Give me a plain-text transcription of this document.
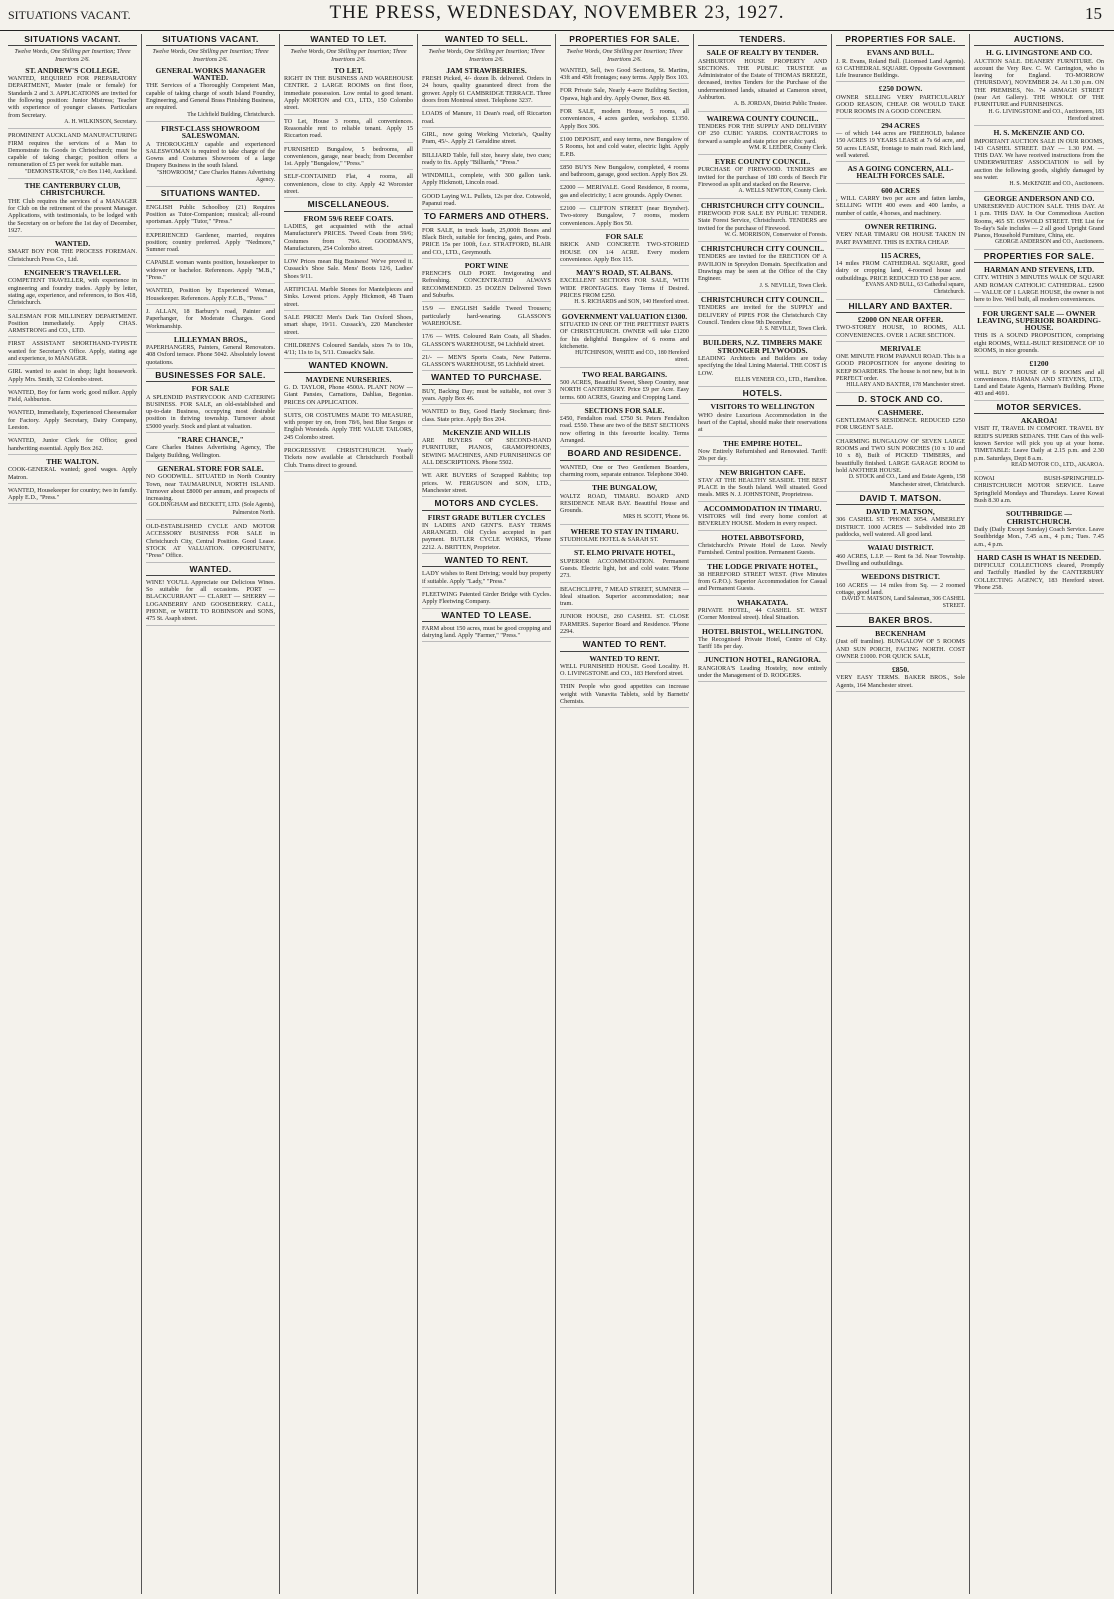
SITUATIONS VACANT.	THE PRESS, WEDNESDAY, NOVEMBER 23, 1927.	15
SITUATIONS VACANT.
Twelve Words, One Shilling per Insertion; Three Insertions 2/6.
ST. ANDREW'S COLLEGE.
WANTED, REQUIRED FOR PREPARATORY DEPARTMENT, Master (male or female) for Standards 2 and 3. APPLICATIONS are invited for the following position: Junior Mistress; Teacher with experience of younger classes. Particulars from Secretary.
A. H. WILKINSON, Secretary.
PROMINENT AUCKLAND MANUFACTURING FIRM requires the services of a Man to Demonstrate its Goods in Christchurch; must be capable of taking charge; position offers a remuneration of £5 per week for suitable man.
"DEMONSTRATOR," c/o Box 1140, Auckland.
THE CANTERBURY CLUB, CHRISTCHURCH.
THE Club requires the services of a MANAGER for Club on the retirement of the present Manager. Applications, with testimonials, to be lodged with the Secretary on or before the 1st day of December, 1927.
WANTED.
SMART BOY FOR THE PROCESS FOREMAN. Christchurch Press Co., Ltd.
ENGINEER'S TRAVELLER.
COMPETENT TRAVELLER, with experience in engineering and foundry trades. Apply by letter, stating age, experience, and references, to Box 418, Christchurch.
SALESMAN FOR MILLINERY DEPARTMENT. Position immediately. Apply CHAS. ARMSTRONG and CO., LTD.
FIRST ASSISTANT SHORTHAND-TYPISTE wanted for Secretary's Office. Apply, stating age and experience, to MANAGER.
GIRL wanted to assist in shop; light housework. Apply Mrs. Smith, 32 Colombo street.
WANTED, Boy for farm work; good milker. Apply Field, Ashburton.
WANTED, Immediately, Experienced Cheesemaker for Factory. Apply Secretary, Dairy Company, Leeston.
WANTED, Junior Clerk for Office; good handwriting essential. Apply Box 262.
THE WALTON.
COOK-GENERAL wanted; good wages. Apply Matron.
WANTED, Housekeeper for country; two in family. Apply E.D., "Press."
SITUATIONS VACANT.
Twelve Words, One Shilling per Insertion; Three Insertions 2/6.
GENERAL WORKS MANAGER WANTED.
THE Services of a Thoroughly Competent Man, capable of taking charge of south Island Foundry, Engineering, and General Brass Finishing Business, are required.
The Lichfield Building, Christchurch.
FIRST-CLASS SHOWROOM SALESWOMAN.
A THOROUGHLY capable and experienced SALESWOMAN is required to take charge of the Gowns and Costumes Showroom of a large Drapery Business in the south Island.
"SHOWROOM," Care Charles Haines Advertising Agency.
SITUATIONS WANTED.
ENGLISH Public Schoolboy (21) Requires Position as Tutor-Companion; musical; all-round sportsman. Apply "Tutor," "Press."
EXPERIENCED Gardener, married, requires position; country preferred. Apply "Nedmore," Sumner road.
CAPABLE woman wants position, housekeeper to widower or bachelor. References. Apply "M.B.," "Press."
WANTED, Position by Experienced Woman, Housekeeper. References. Apply F.C.B., "Press."
J. ALLAN, 18 Barbury's road, Painter and Paperhanger, for Moderate Charges. Good Workmanship.
LILLEYMAN BROS.,
PAPERHANGERS, Painters, General Renovators. 408 Oxford terrace. Phone 5042. Absolutely lowest quotations.
BUSINESSES FOR SALE.
FOR SALE
A SPLENDID PASTRYCOOK AND CATERING BUSINESS. FOR SALE, an old-established and up-to-date Business, occupying most desirable position in thriving township. Turnover about £5000 yearly. Stock and plant at valuation.
"RARE CHANCE,"
Care Charles Haines Advertising Agency, The Dalgety Building, Wellington.
GENERAL STORE FOR SALE.
NO GOODWILL. SITUATED in North Country Town, near TAUMARUNUI, NORTH ISLAND. Turnover about £8000 per annum, and prospects of increasing.
GOLDINGHAM and BECKETT, LTD. (Sole Agents), Palmerston North.
OLD-ESTABLISHED CYCLE AND MOTOR ACCESSORY BUSINESS FOR SALE in Christchurch City, Central Position. Good Lease. STOCK AT VALUATION. OPPORTUNITY, "Press" Office.
WANTED.
WINE! YOU'LL Appreciate our Delicious Wines. So suitable for all occasions. PORT — BLACKCURRANT — CLARET — SHERRY — LOGANBERRY AND GOOSEBERRY. CALL, PHONE, or WRITE TO ROBINSON and SONS, 475 St. Asaph street.
WANTED TO LET.
Twelve Words, One Shilling per Insertion; Three Insertions 2/6.
TO LET.
RIGHT IN THE BUSINESS AND WAREHOUSE CENTRE. 2 LARGE ROOMS on first floor, immediate possession. Low rental to good tenant. Apply MORTON and CO., LTD., 150 Colombo street.
TO Let, House 3 rooms, all conveniences. Reasonable rent to reliable tenant. Apply 15 Riccarton road.
FURNISHED Bungalow, 5 bedrooms, all conveniences, garage, near beach; from December 1st. Apply "Bungalow," "Press."
SELF-CONTAINED Flat, 4 rooms, all conveniences, close to city. Apply 42 Worcester street.
MISCELLANEOUS.
FROM 59/6 REEF COATS.
LADIES, get acquainted with the actual Manufacturer's PRICES. Tweed Coats from 59/6; Costumes from 79/6. GOODMAN'S, Manufacturers, 254 Colombo street.
LOW Prices mean Big Business! We've proved it. Cussack's Shoe Sale. Mens' Boots 12/6, Ladies' Shoes 9/11.
ARTIFICIAL Marble Stones for Mantelpieces and Sinks. Lowest prices. Apply Hickmott, 48 Tuam street.
SALE PRICE! Men's Dark Tan Oxford Shoes, smart shape, 19/11. Cussack's, 220 Manchester street.
CHILDREN'S Coloured Sandals, sizes 7s to 10s, 4/11; 11s to 1s, 5/11. Cussack's Sale.
WANTED KNOWN.
MAYDENE NURSERIES.
G. D. TAYLOR, Phone 4500A. PLANT NOW — Giant Pansies, Carnations, Dahlias, Begonias. PRICES ON APPLICATION.
SUITS, OR COSTUMES MADE TO MEASURE, with proper try on, from 78/6, best Blue Serges or English Worsteds. Apply THE VALUE TAILORS, 245 Colombo street.
PROGRESSIVE CHRISTCHURCH. Yearly Tickets now available at Christchurch Football Club. Trams direct to ground.
WANTED TO SELL.
Twelve Words, One Shilling per Insertion; Three Insertions 2/6.
JAM STRAWBERRIES.
FRESH Picked, 4/- dozen lb. delivered. Orders in 24 hours, quality guaranteed direct from the grower. Apply 61 CAMBRIDGE TERRACE. Three doors from Montreal street. Telephone 3237.
LOADS of Manure, 11 Dean's road, off Riccarton road.
GIRL, now going Working Victoria's, Quality Pram, 45/-. Apply 21 Geraldine street.
BILLIARD Table, full size, heavy slate, two cues; ready to fix. Apply "Billiards," "Press."
WINDMILL, complete, with 300 gallon tank. Apply Hickmott, Lincoln road.
GOOD Laying W.L. Pullets, 12s per doz. Cotswold, Papanui road.
TO FARMERS AND OTHERS.
FOR SALE, in truck loads, 25,000ft Boxes and Black Birch, suitable for fencing, gates, and Posts. PRICE 15s per 100ft, f.o.r. STRATFORD, BLAIR and CO., LTD., Greymouth.
PORT WINE
FRENCH'S OLD PORT. Invigorating and Refreshing. CONCENTRATED ALWAYS RECOMMENDED. 25 DOZEN Delivered Town and Suburbs.
15/9 — ENGLISH Saddle Tweed Trousers; particularly hard-wearing. GLASSON'S WAREHOUSE.
17/6 — WHS. Coloured Rain Coats, all Shades. GLASSON'S WAREHOUSE, 94 Lichfield street.
21/- — MEN'S Sports Coats, New Patterns. GLASSON'S WAREHOUSE, 95 Lichfield street.
WANTED TO PURCHASE.
BUY, Backing Day; must be suitable, not over 3 years. Apply Box 46.
WANTED to Buy, Good Hardy Stockman; first-class. State price. Apply Box 204.
McKENZIE AND WILLIS
ARE BUYERS OF SECOND-HAND FURNITURE, PIANOS, GRAMOPHONES, SEWING MACHINES, AND FURNISHINGS OF ALL DESCRIPTIONS. Phone 5502.
WE ARE BUYERS of Scrapped Rabbits; top prices. W. FERGUSON and SON, LTD., Manchester street.
MOTORS AND CYCLES.
FIRST GRADE BUTLER CYCLES
IN LADIES AND GENT'S. EASY TERMS ARRANGED. Old Cycles accepted in part payment. BUTLER CYCLE WORKS, 'Phone 2212. A. BRITTEN, Proprietor.
WANTED TO RENT.
LADY wishes to Rent Driving; would buy property if suitable. Apply "Lady," "Press."
FLEETWING Patented Girder Bridge with Cycles. Apply Fleetwing Company.
WANTED TO LEASE.
FARM about 150 acres, must be good cropping and dairying land. Apply "Farmer," "Press."
PROPERTIES FOR SALE.
Twelve Words, One Shilling per Insertion; Three Insertions 2/6.
WANTED, Sell, two Good Sections, St. Martins, 43ft and 45ft frontages; easy terms. Apply Box 103.
FOR Private Sale, Nearly 4-acre Building Section, Opawa, high and dry. Apply Owner, Box 48.
FOR SALE, modern House, 5 rooms, all conveniences, 4 acres garden, workshop. £1350. Apply Box 306.
£100 DEPOSIT, and easy terms, new Bungalow of 5 Rooms, hot and cold water, electric light. Apply E.P.B.
£850 BUYS New Bungalow, completed, 4 rooms and bathroom, garage, good section. Apply Box 29.
£2000 — MERIVALE. Good Residence, 8 rooms, gas and electricity; 1 acre grounds. Apply Owner.
£2100 — CLIFTON STREET (near Bryndwr). Two-storey Bungalow, 7 rooms, modern conveniences. Apply Box 50.
FOR SALE
BRICK AND CONCRETE TWO-STORIED HOUSE ON 1/4 ACRE. Every modern convenience. Apply Box 115.
MAY'S ROAD, ST. ALBANS.
EXCELLENT SECTIONS FOR SALE, WITH WIDE FRONTAGES. Easy Terms if Desired. PRICES FROM £250.
H. S. RICHARDS and SON, 140 Hereford street.
GOVERNMENT VALUATION £1300.
SITUATED IN ONE OF THE PRETTIEST PARTS OF CHRISTCHURCH. OWNER will take £1200 for his delightful Bungalow of 6 rooms and kitchenette.
HUTCHINSON, WHITE and CO., 180 Hereford street.
TWO REAL BARGAINS.
500 ACRES, Beautiful Sweet, Sheep Country, near NORTH CANTERBURY. Price £9 per Acre. Easy terms. 600 ACRES, Grazing and Cropping Land.
SECTIONS FOR SALE.
£450, Fendalton road. £750 St. Peters Fendalton road. £550. These are two of the BEST SECTIONS now offering in this favourite locality. Terms Arranged.
BOARD AND RESIDENCE.
WANTED, One or Two Gentlemen Boarders, charming room, separate entrance. Telephone 3040.
THE BUNGALOW,
WALTZ ROAD, TIMARU. BOARD AND RESIDENCE NEAR BAY. Beautiful House and Grounds.
MRS H. SCOTT, 'Phone 96.
WHERE TO STAY IN TIMARU.
STUDHOLME HOTEL & SARAH ST.
ST. ELMO PRIVATE HOTEL,
SUPERIOR ACCOMMODATION. Permanent Guests. Electric light, hot and cold water. 'Phone 273.
BEACHCLIFFE, 7 MEAD STREET, SUMNER — Ideal situation. Superior accommodation; near tram.
JUNIOR HOUSE, 260 CASHEL ST. CLOSE FARMERS. Superior Board and Residence. 'Phone 2294.
WANTED TO RENT.
WANTED TO RENT.
WELL FURNISHED HOUSE. Good Locality. H. O. LIVINGSTONE and CO., 183 Hereford street.
THIN People who good appetites can increase weight with Vanavita Tablets, sold by Barnetts' Chemists.
TENDERS.
SALE OF REALTY BY TENDER.
ASHBURTON HOUSE PROPERTY AND SECTIONS. THE PUBLIC TRUSTEE as Administrator of the Estate of THOMAS BREEZE, deceased, invites Tenders for the Purchase of the undermentioned lands, situated at Cameron street, Ashburton.
A. B. JORDAN, District Public Trustee.
WAIREWA COUNTY COUNCIL.
TENDERS FOR THE SUPPLY AND DELIVERY OF 250 CUBIC YARDS. CONTRACTORS to forward a sample and state price per cubic yard.
WM. R. LEEDER, County Clerk.
EYRE COUNTY COUNCIL.
PURCHASE OF FIREWOOD. TENDERS are invited for the purchase of 180 cords of Beech Fir Firewood as split and stacked on the Reserve.
A. WELLS NEWTON, County Clerk.
CHRISTCHURCH CITY COUNCIL.
FIREWOOD FOR SALE BY PUBLIC TENDER. State Forest Service, Christchurch. TENDERS are invited for the purchase of Firewood.
W. G. MORRISON, Conservator of Forests.
CHRISTCHURCH CITY COUNCIL.
TENDERS are invited for the ERECTION OF A PAVILION in Spreydon Domain. Specification and Drawings may be seen at the Office of the City Engineer.
J. S. NEVILLE, Town Clerk.
CHRISTCHURCH CITY COUNCIL.
TENDERS are invited for the SUPPLY and DELIVERY of PIPES FOR the Christchurch City Council. Tenders close 9th December.
J. S. NEVILLE, Town Clerk.
BUILDERS, N.Z. TIMBERS MAKE STRONGER PLYWOODS.
LEADING Architects and Builders are today specifying the Ideal Lining Material. THE COST IS LOW.
ELLIS VENEER CO., LTD., Hamilton.
HOTELS.
VISITORS TO WELLINGTON
WHO desire Luxurious Accommodation in the heart of the Capital, should make their reservations at
THE EMPIRE HOTEL.
Now Entirely Refurnished and Renovated. Tariff: 20s per day.
NEW BRIGHTON CAFE.
STAY AT THE HEALTHY SEASIDE. THE BEST PLACE in the South Island. Well situated. Good meals. MRS N. J. JOHNSTONE, Proprietress.
ACCOMMODATION IN TIMARU.
VISITORS will find every home comfort at BEVERLEY HOUSE. Modern in every respect.
HOTEL ABBOTSFORD,
Christchurch's Private Hotel de Luxe. Newly Furnished. Central position. Permanent Guests.
THE LODGE PRIVATE HOTEL,
38 HEREFORD STREET WEST. (Five Minutes from G.P.O.). Superior Accommodation for Casual and Permanent Guests.
WHAKATATA.
PRIVATE HOTEL, 44 CASHEL ST. WEST (Corner Montreal street). Ideal Situation.
HOTEL BRISTOL, WELLINGTON.
The Recognised Private Hotel, Centre of City. Tariff 18s per day.
JUNCTION HOTEL, RANGIORA.
RANGIORA'S Leading Hostelry, now entirely under the Management of D. RODGERS.
PROPERTIES FOR SALE.
EVANS AND BULL.
J. R. Evans, Roland Bull. (Licensed Land Agents). 63 CATHEDRAL SQUARE. Opposite Government Life Insurance Buildings.
£250 DOWN.
OWNER SELLING VERY PARTICULARLY GOOD REASON, CHEAP. OR WOULD TAKE FOUR ROOMS IN A GOOD CONCERN.
294 ACRES
— of which 144 acres are FREEHOLD, balance 150 ACRES 19 YEARS LEASE at 7s 6d acre, and 50 acres LEASE, frontage to main road. Rich land, well watered.
AS A GOING CONCERN, ALL-HEALTH FORCES SALE.
600 ACRES
, WILL CARRY two per acre and fatten lambs, SELLING WITH 400 ewes and 400 lambs, a number of cattle, 4 horses, and machinery.
OWNER RETIRING.
VERY NEAR TIMARU OR HOUSE TAKEN IN PART PAYMENT. THIS IS EXTRA CHEAP.
115 ACRES,
14 miles FROM CATHEDRAL SQUARE, good dairy or cropping land, 4-roomed house and outbuildings. PRICE REDUCED TO £38 per acre.
EVANS AND BULL, 63 Cathedral square, Christchurch.
HILLARY AND BAXTER.
£2000 ON NEAR OFFER.
TWO-STOREY HOUSE, 10 ROOMS, ALL CONVENIENCES. OVER 1 ACRE SECTION.
MERIVALE
ONE MINUTE FROM PAPANUI ROAD. This is a GOOD PROPOSITION for anyone desiring to KEEP BOARDERS. The house is not new, but is in PERFECT order.
HILLARY AND BAXTER, 178 Manchester street.
D. STOCK AND CO.
CASHMERE.
GENTLEMAN'S RESIDENCE. REDUCED £250 FOR URGENT SALE.
CHARMING BUNGALOW OF SEVEN LARGE ROOMS and TWO SUN PORCHES (10 x 10 and 10 x 8), Built of PICKED TIMBERS, and beautifully finished. LARGE GARAGE ROOM to hold ANOTHER HOUSE.
D. STOCK and CO., Land and Estate Agents, 158 Manchester street, Christchurch.
DAVID T. MATSON.
DAVID T. MATSON,
306 CASHEL ST. 'PHONE 3054. AMBERLEY DISTRICT. 1000 ACRES — Subdivided into 28 paddocks, well watered. All good land.
WAIAU DISTRICT.
460 ACRES, L.I.P. — Rent 6s 3d. Near Township. Dwelling and outbuildings.
WEEDONS DISTRICT.
160 ACRES — 14 miles from Sq. — 2 roomed cottage, good land.
DAVID T. MATSON, Land Salesman, 306 CASHEL STREET.
BAKER BROS.
BECKENHAM
(Just off tramline). BUNGALOW OF 5 ROOMS AND SUN PORCH, FACING NORTH. COST OWNER £1000. FOR QUICK SALE,
£850.
VERY EASY TERMS. BAKER BROS., Sole Agents, 164 Manchester street.
AUCTIONS.
H. G. LIVINGSTONE AND CO.
AUCTION SALE. DEANERY FURNITURE. On account the Very Rev. C. W. Carrington, who is leaving for England. TO-MORROW (THURSDAY), NOVEMBER 24. At 1.30 p.m. ON THE PREMISES, No. 74 ARMAGH STREET (near Art Gallery). THE WHOLE OF THE FURNITURE and FURNISHINGS.
H. G. LIVINGSTONE and CO., Auctioneers, 183 Hereford street.
H. S. McKENZIE AND CO.
IMPORTANT AUCTION SALE IN OUR ROOMS, 143 CASHEL STREET. DAY — 1.30 P.M. — THIS DAY. We have received instructions from the UNDERWRITERS' ASSOCIATION to sell by auction the following goods, slightly damaged by sea water.
H. S. McKENZIE and CO., Auctioneers.
GEORGE ANDERSON AND CO.
UNRESERVED AUCTION SALE. THIS DAY. At 1 p.m. THIS DAY. In Our Commodious Auction Rooms, 465 ST. OSWOLD STREET. THE List for To-day's Sale includes — 2 all good Upright Grand Pianos, Household Furniture, China, etc.
GEORGE ANDERSON and CO., Auctioneers.
PROPERTIES FOR SALE.
HARMAN AND STEVENS, LTD.
CITY. WITHIN 3 MINUTES WALK OF SQUARE AND ROMAN CATHOLIC CATHEDRAL. £2900 — VALUE OF 1 LARGE HOUSE, the owner is not here to live. Well built, all modern conveniences.
FOR URGENT SALE — OWNER LEAVING, SUPERIOR BOARDING-HOUSE.
THIS IS A SOUND PROPOSITION, comprising eight ROOMS, WELL-BUILT RESIDENCE OF 10 ROOMS, in nice grounds.
£1200
WILL BUY 7 HOUSE OF 6 ROOMS and all conveniences. HARMAN AND STEVENS, LTD., Land and Estate Agents, Harman's Building. Phone 403 and 4691.
MOTOR SERVICES.
AKAROA!
VISIT IT, TRAVEL IN COMFORT. TRAVEL BY REID'S SUPERB SEDANS. THE Cars of this well-known Service will pick you up at your home. TIMETABLE: Leave Daily at 2.15 p.m. and 2.30 p.m. Saturdays, Dept 8 a.m.
READ MOTOR CO., LTD., AKAROA.
KOWAI BUSH-SPRINGFIELD-CHRISTCHURCH MOTOR SERVICE. Leave Springfield Mondays and Thursdays. Leave Kowai Bush 8.30 a.m.
SOUTHBRIDGE — CHRISTCHURCH.
Daily (Daily Except Sunday) Coach Service. Leave Southbridge Mon., 7.45 a.m., 4 p.m.; Tues. 7.45 a.m., 4 p.m.
HARD CASH IS WHAT IS NEEDED.
DIFFICULT COLLECTIONS cleared, Promptly and Tactfully Handled by the CANTERBURY COLLECTING AGENCY, 183 Hereford street. 'Phone 258.
